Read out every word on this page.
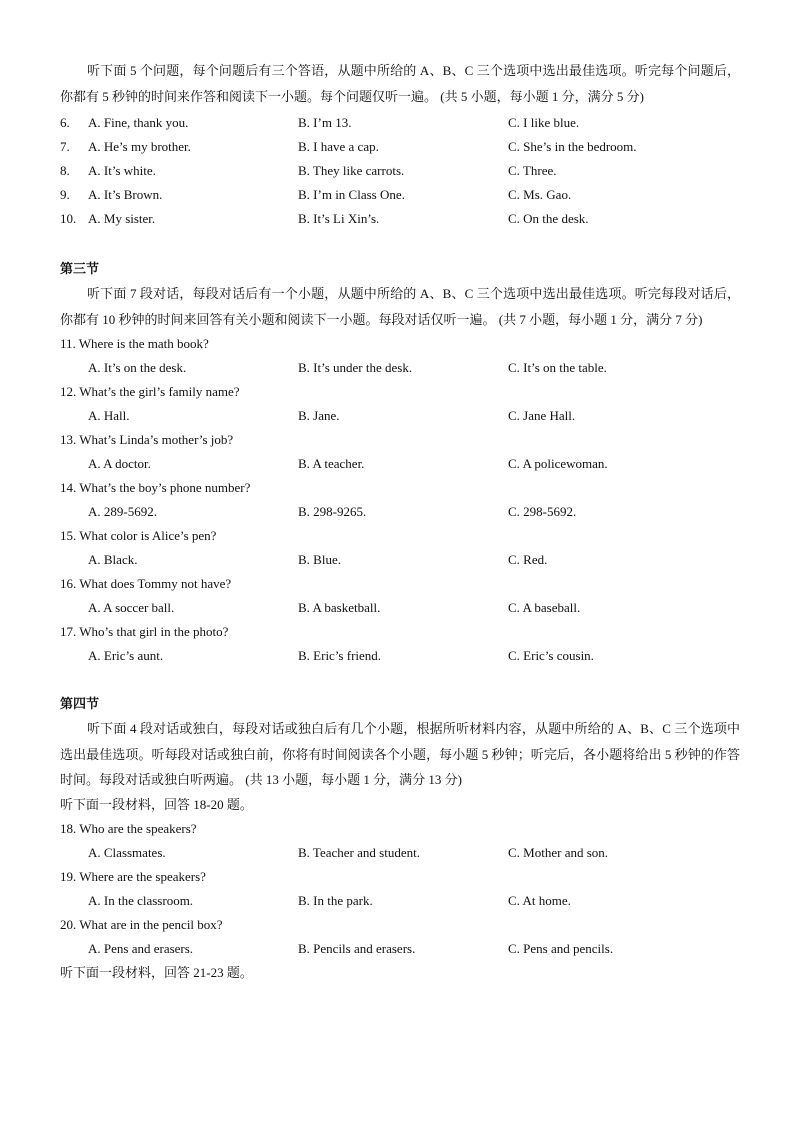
听下面 5 个问题，每个问题后有三个答语，从题中所给的 A、B、C 三个选项中选出最佳选项。听完每个问题后，你都有 5 秒钟的时间来作答和阅读下一小题。每个问题仅听一遍。 (共 5 小题，每小题 1 分，满分 5 分)

6. A. Fine, thank you.	B. I’m 13.	C. I like blue.
7. A. He’s my brother.	B. I have a cap.	C. She’s in the bedroom.
8. A. It’s white.	B. They like carrots.	C. Three.
9. A. It’s Brown.	B. I’m in Class One.	C. Ms. Gao.
10. A. My sister.	B. It’s Li Xin’s.	C. On the desk.
第三节

听下面 7 段对话，每段对话后有一个小题，从题中所给的 A、B、C 三个选项中选出最佳选项。听完每段对话后，你都有 10 秒钟的时间来回答有关小题和阅读下一小题。每段对话仅听一遍。 (共 7 小题，每小题 1 分，满分 7 分)

11. Where is the math book?
A. It’s on the desk.	B. It’s under the desk.	C. It’s on the table.
12. What’s the girl’s family name?
A. Hall.	B. Jane.	C. Jane Hall.
13. What’s Linda’s mother’s job?
A. A doctor.	B. A teacher.	C. A policewoman.
14. What’s the boy’s phone number?
A. 289-5692.	B. 298-9265.	C. 298-5692.
15. What color is Alice’s pen?
A. Black.	B. Blue.	C. Red.
16. What does Tommy not have?
A. A soccer ball.	B. A basketball.	C. A baseball.
17. Who’s that girl in the photo?
A. Eric’s aunt.	B. Eric’s friend.	C. Eric’s cousin.
第四节

听下面 4 段对话或独白，每段对话或独白后有几个小题，根据所听材料内容，从题中所给的 A、B、C 三个选项中选出最佳选项。听每段对话或独白前，你将有时间阅读各个小题，每小题 5 秒钟；听完后，各小题将给出 5 秒钟的作答时间。每段对话或独白听两遍。 (共 13 小题，每小题 1 分，满分 13 分)

听下面一段材料，回答 18-20 题。
18. Who are the speakers?
A. Classmates.	B. Teacher and student.	C. Mother and son.
19. Where are the speakers?
A. In the classroom.	B. In the park.	C. At home.
20. What are in the pencil box?
A. Pens and erasers.	B. Pencils and erasers.	C. Pens and pencils.
听下面一段材料，回答 21-23 题。
